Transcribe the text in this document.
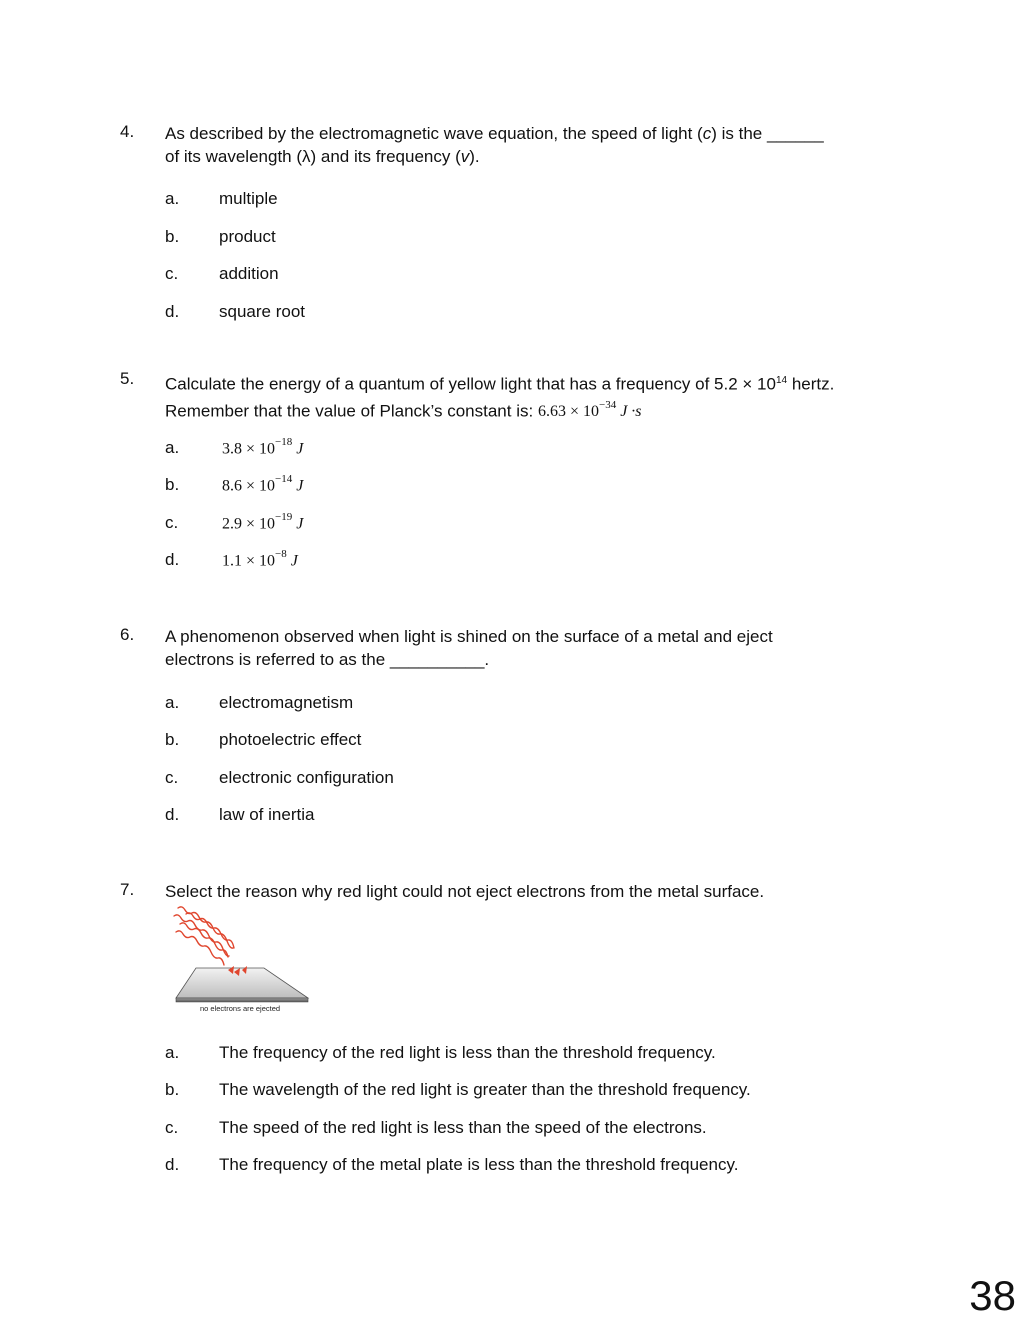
4. As described by the electromagnetic wave equation, the speed of light (c) is the ______
of its wavelength (λ) and its frequency (v).
a. multiple
b. product
c. addition
d. square root
5. Calculate the energy of a quantum of yellow light that has a frequency of $5.2 \times 10^{14}$ hertz.
Remember that the value of Planck’s constant is: $6.63 \times 10^{-34}$ J ·s
a.	$3.8 \times 10^{-18}$ J
b.	$8.6 \times 10^{-14}$ J
c.	$2.9 \times 10^{-19}$ J
d.	$1.1 \times 10^{-8}$ J
6. A phenomenon observed when light is shined on the surface of a metal and eject
electrons is referred to as the __________.
a. electromagnetism
b. photoelectric effect
c. electronic configuration
d. law of inertia
7. Select the reason why red light could not eject electrons from the metal surface.
no electrons are ejected
a. The frequency of the red light is less than the threshold frequency.
b. The wavelength of the red light is greater than the threshold frequency.
c. The speed of the red light is less than the speed of the electrons.
d. The frequency of the metal plate is less than the threshold frequency.
38
